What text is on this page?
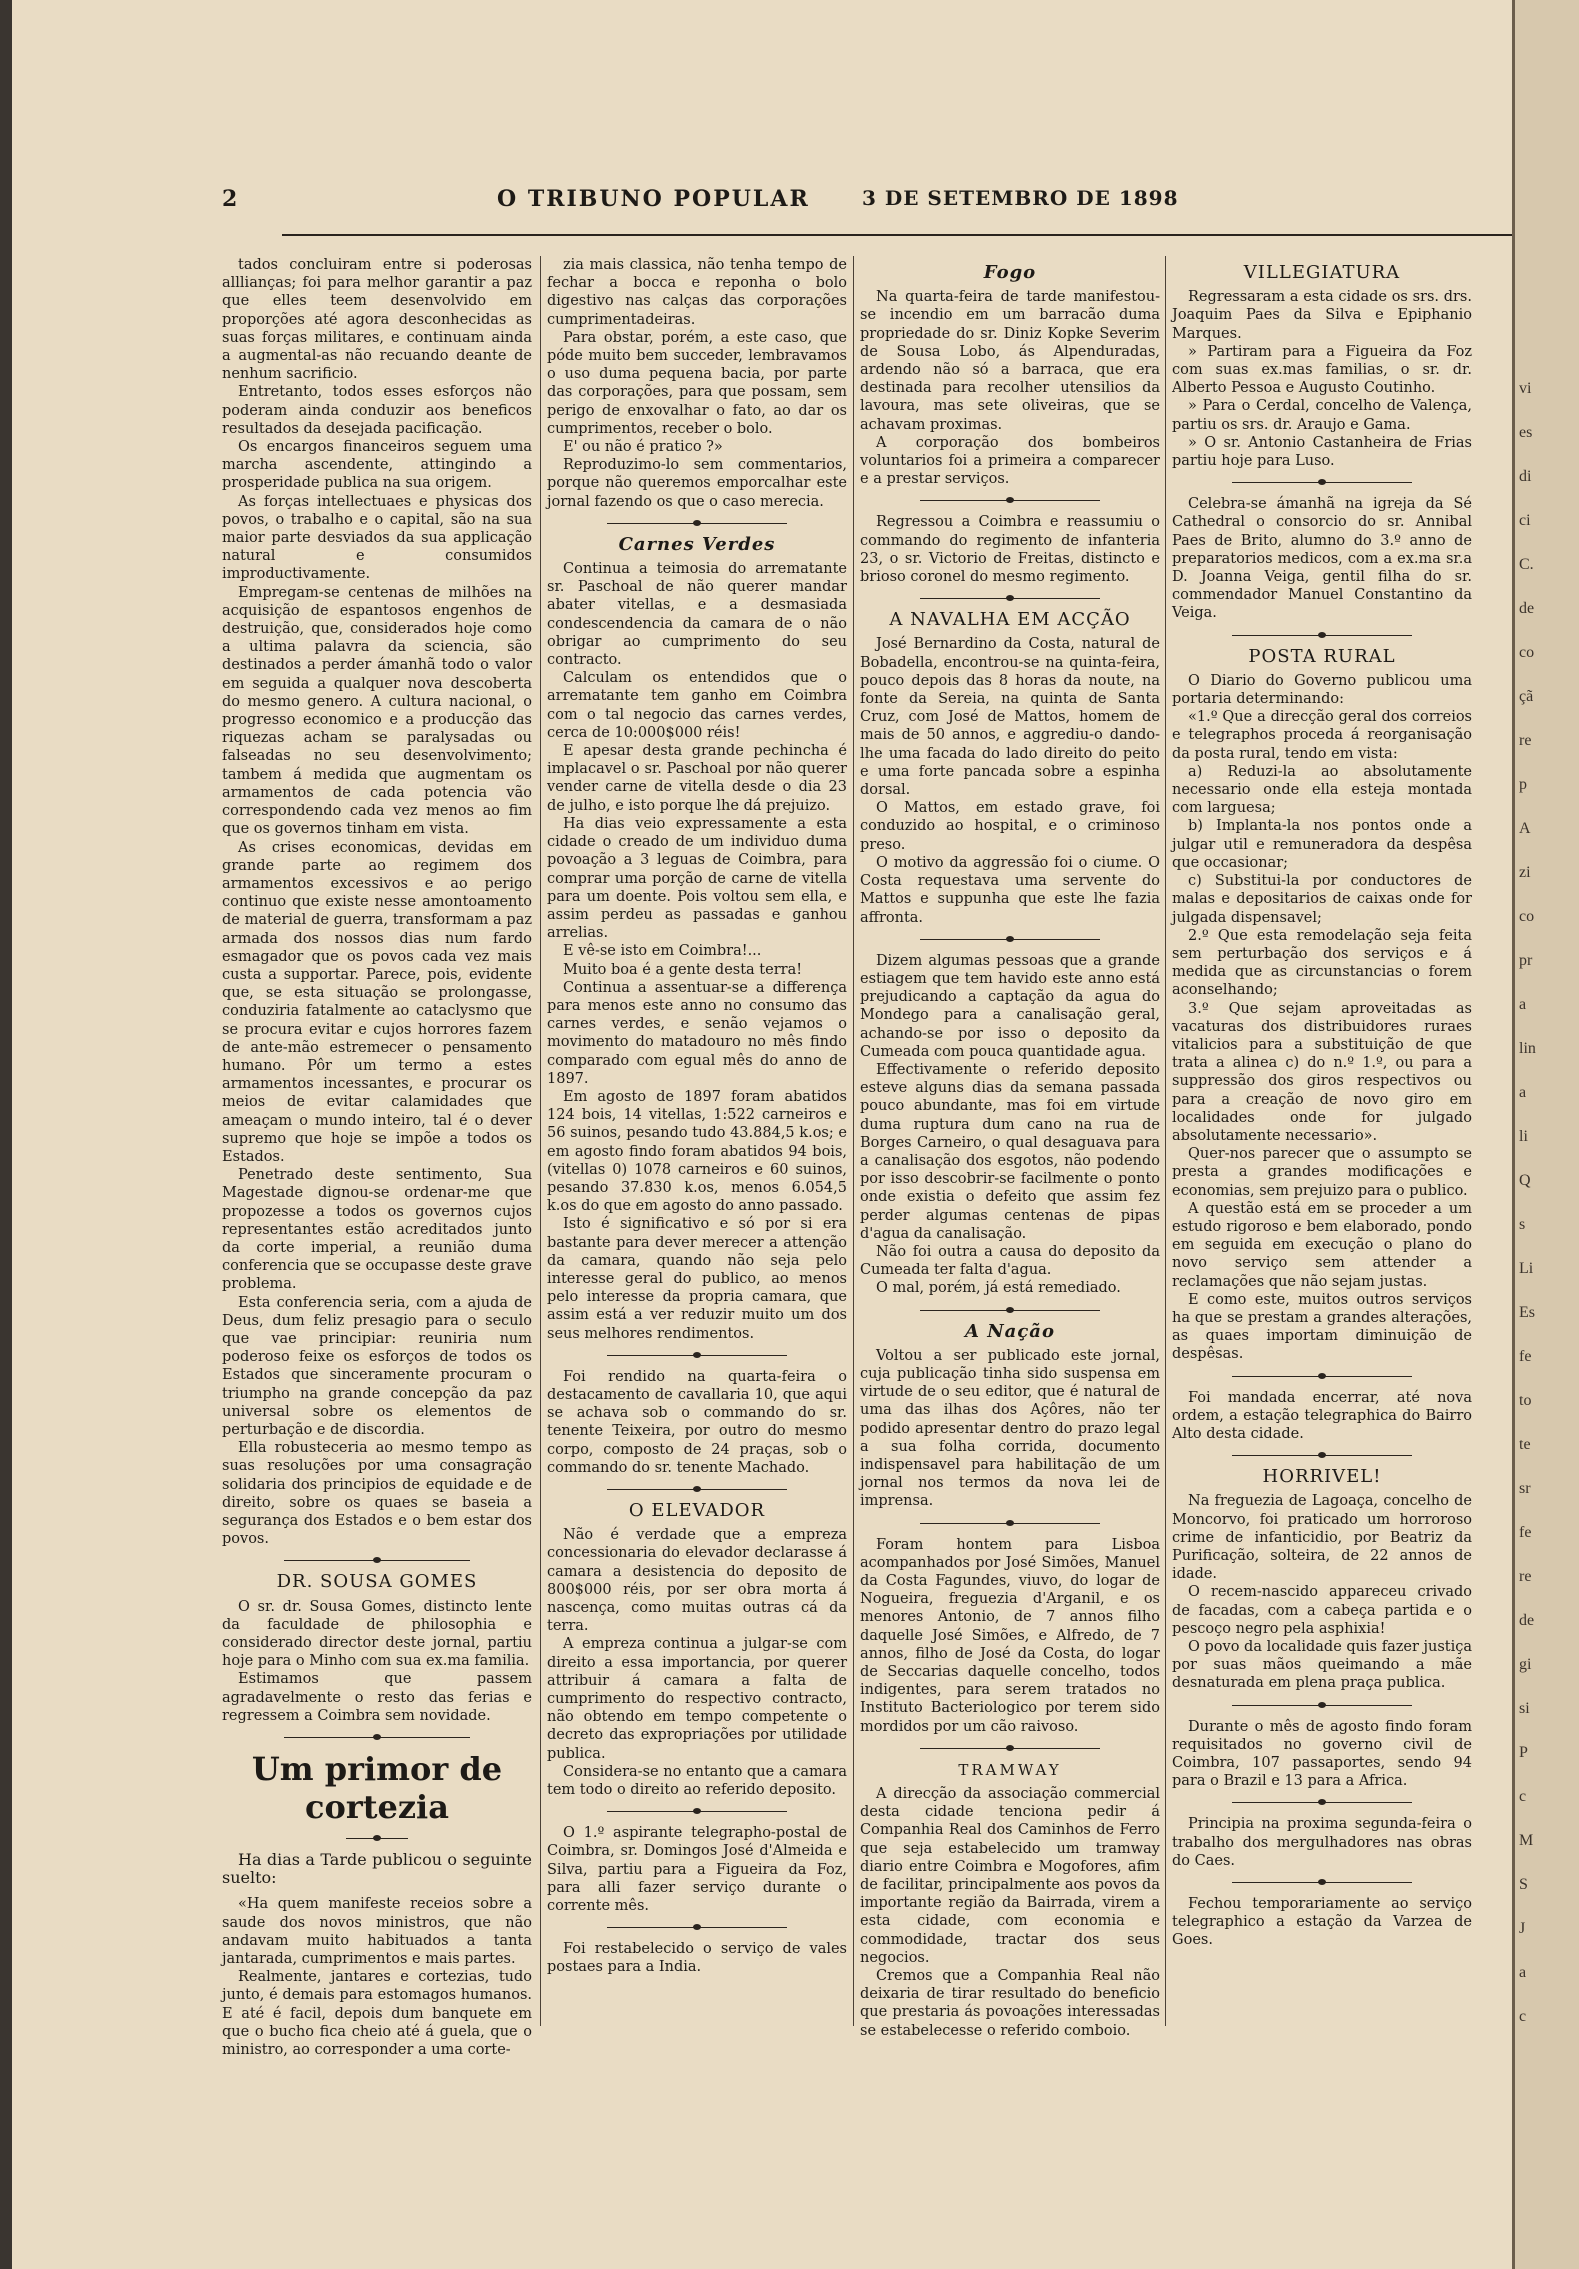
2	O TRIBUNO POPULAR	3 DE SETEMBRO DE 1898

tados concluiram entre si poderosas alllianças; foi para melhor garantir a paz que elles teem desenvolvido em proporções até agora desconhecidas as suas forças militares, e continuam ainda a augmental-as não recuando deante de nenhum sacrificio.

Entretanto, todos esses esforços não poderam ainda conduzir aos beneficos resultados da desejada pacificação.

Os encargos financeiros seguem uma marcha ascendente, attingindo a prosperidade publica na sua origem.

As forças intellectuaes e physicas dos povos, o trabalho e o capital, são na sua maior parte desviados da sua applicação natural e consumidos improductivamente.

Empregam-se centenas de milhões na acquisição de espantosos engenhos de destruição, que, considerados hoje como a ultima palavra da sciencia, são destinados a perder ámanhã todo o valor em seguida a qualquer nova descoberta do mesmo genero. A cultura nacional, o progresso economico e a producção das riquezas acham se paralysadas ou falseadas no seu desenvolvimento; tambem á medida que augmentam os armamentos de cada potencia vão correspondendo cada vez menos ao fim que os governos tinham em vista.

As crises economicas, devidas em grande parte ao regimem dos armamentos excessivos e ao perigo continuo que existe nesse amontoamento de material de guerra, transformam a paz armada dos nossos dias num fardo esmagador que os povos cada vez mais custa a supportar. Parece, pois, evidente que, se esta situação se prolongasse, conduziria fatalmente ao cataclysmo que se procura evitar e cujos horrores fazem de ante-mão estremecer o pensamento humano. Pôr um termo a estes armamentos incessantes, e procurar os meios de evitar calamidades que ameaçam o mundo inteiro, tal é o dever supremo que hoje se impõe a todos os Estados.

Penetrado deste sentimento, Sua Magestade dignou-se ordenar-me que propozesse a todos os governos cujos representantes estão acreditados junto da corte imperial, a reunião duma conferencia que se occupasse deste grave problema.

Esta conferencia seria, com a ajuda de Deus, dum feliz presagio para o seculo que vae principiar: reuniria num poderoso feixe os esforços de todos os Estados que sinceramente procuram o triumpho na grande concepção da paz universal sobre os elementos de perturbação e de discordia.

Ella robusteceria ao mesmo tempo as suas resoluções por uma consagração solidaria dos principios de equidade e de direito, sobre os quaes se baseia a segurança dos Estados e o bem estar dos povos.

DR. SOUSA GOMES

O sr. dr. Sousa Gomes, distincto lente da faculdade de philosophia e considerado director deste jornal, partiu hoje para o Minho com sua ex.ma familia.

Estimamos que passem agradavelmente o resto das ferias e regressem a Coimbra sem novidade.

Um primor de cortezia

Ha dias a Tarde publicou o seguinte suelto:

«Ha quem manifeste receios sobre a saude dos novos ministros, que não andavam muito habituados a tanta jantarada, cumprimentos e mais partes.

Realmente, jantares e cortezias, tudo junto, é demais para estomagos humanos. E até é facil, depois dum banquete em que o bucho fica cheio até á guela, que o ministro, ao corresponder a uma corte-

zia mais classica, não tenha tempo de fechar a bocca e reponha o bolo digestivo nas calças das corporações cumprimentadeiras.

Para obstar, porém, a este caso, que póde muito bem succeder, lembravamos o uso duma pequena bacia, por parte das corporações, para que possam, sem perigo de enxovalhar o fato, ao dar os cumprimentos, receber o bolo.

E' ou não é pratico ?»

Reproduzimo-lo sem commentarios, porque não queremos emporcalhar este jornal fazendo os que o caso merecia.

Carnes Verdes

Continua a teimosia do arrematante sr. Paschoal de não querer mandar abater vitellas, e a desmasiada condescendencia da camara de o não obrigar ao cumprimento do seu contracto.

Calculam os entendidos que o arrematante tem ganho em Coimbra com o tal negocio das carnes verdes, cerca de 10:000$000 réis!

E apesar desta grande pechincha é implacavel o sr. Paschoal por não querer vender carne de vitella desde o dia 23 de julho, e isto porque lhe dá prejuizo.

Ha dias veio expressamente a esta cidade o creado de um individuo duma povoação a 3 leguas de Coimbra, para comprar uma porção de carne de vitella para um doente. Pois voltou sem ella, e assim perdeu as passadas e ganhou arrelias.

E vê-se isto em Coimbra!...

Muito boa é a gente desta terra!

Continua a assentuar-se a differença para menos este anno no consumo das carnes verdes, e senão vejamos o movimento do matadouro no mês findo comparado com egual mês do anno de 1897.

Em agosto de 1897 foram abatidos 124 bois, 14 vitellas, 1:522 carneiros e 56 suinos, pesando tudo 43.884,5 k.os; e em agosto findo foram abatidos 94 bois, (vitellas 0) 1078 carneiros e 60 suinos, pesando 37.830 k.os, menos 6.054,5 k.os do que em agosto do anno passado.

Isto é significativo e só por si era bastante para dever merecer a attenção da camara, quando não seja pelo interesse geral do publico, ao menos pelo interesse da propria camara, que assim está a ver reduzir muito um dos seus melhores rendimentos.

Foi rendido na quarta-feira o destacamento de cavallaria 10, que aqui se achava sob o commando do sr. tenente Teixeira, por outro do mesmo corpo, composto de 24 praças, sob o commando do sr. tenente Machado.

O ELEVADOR

Não é verdade que a empreza concessionaria do elevador declarasse á camara a desistencia do deposito de 800$000 réis, por ser obra morta á nascença, como muitas outras cá da terra.

A empreza continua a julgar-se com direito a essa importancia, por querer attribuir á camara a falta de cumprimento do respectivo contracto, não obtendo em tempo competente o decreto das expropriações por utilidade publica.

Considera-se no entanto que a camara tem todo o direito ao referido deposito.

O 1.º aspirante telegrapho-postal de Coimbra, sr. Domingos José d'Almeida e Silva, partiu para a Figueira da Foz, para alli fazer serviço durante o corrente mês.

Foi restabelecido o serviço de vales postaes para a India.

Fogo

Na quarta-feira de tarde manifestou-se incendio em um barracão duma propriedade do sr. Diniz Kopke Severim de Sousa Lobo, ás Alpenduradas, ardendo não só a barraca, que era destinada para recolher utensilios da lavoura, mas sete oliveiras, que se achavam proximas.

A corporação dos bombeiros voluntarios foi a primeira a comparecer e a prestar serviços.

Regressou a Coimbra e reassumiu o commando do regimento de infanteria 23, o sr. Victorio de Freitas, distincto e brioso coronel do mesmo regimento.

A NAVALHA EM ACÇÃO

José Bernardino da Costa, natural de Bobadella, encontrou-se na quinta-feira, pouco depois das 8 horas da noute, na fonte da Sereia, na quinta de Santa Cruz, com José de Mattos, homem de mais de 50 annos, e aggrediu-o dando-lhe uma facada do lado direito do peito e uma forte pancada sobre a espinha dorsal.

O Mattos, em estado grave, foi conduzido ao hospital, e o criminoso preso.

O motivo da aggressão foi o ciume. O Costa requestava uma servente do Mattos e suppunha que este lhe fazia affronta.

Dizem algumas pessoas que a grande estiagem que tem havido este anno está prejudicando a captação da agua do Mondego para a canalisação geral, achando-se por isso o deposito da Cumeada com pouca quantidade agua.

Effectivamente o referido deposito esteve alguns dias da semana passada pouco abundante, mas foi em virtude duma ruptura dum cano na rua de Borges Carneiro, o qual desaguava para a canalisação dos esgotos, não podendo por isso descobrir-se facilmente o ponto onde existia o defeito que assim fez perder algumas centenas de pipas d'agua da canalisação.

Não foi outra a causa do deposito da Cumeada ter falta d'agua.

O mal, porém, já está remediado.

A Nação

Voltou a ser publicado este jornal, cuja publicação tinha sido suspensa em virtude de o seu editor, que é natural de uma das ilhas dos Açôres, não ter podido apresentar dentro do prazo legal a sua folha corrida, documento indispensavel para habilitação de um jornal nos termos da nova lei de imprensa.

Foram hontem para Lisboa acompanhados por José Simões, Manuel da Costa Fagundes, viuvo, do logar de Nogueira, freguezia d'Arganil, e os menores Antonio, de 7 annos filho daquelle José Simões, e Alfredo, de 7 annos, filho de José da Costa, do logar de Seccarias daquelle concelho, todos indigentes, para serem tratados no Instituto Bacteriologico por terem sido mordidos por um cão raivoso.

TRAMWAY

A direcção da associação commercial desta cidade tenciona pedir á Companhia Real dos Caminhos de Ferro que seja estabelecido um tramway diario entre Coimbra e Mogofores, afim de facilitar, principalmente aos povos da importante região da Bairrada, virem a esta cidade, com economia e commodidade, tractar dos seus negocios.

Cremos que a Companhia Real não deixaria de tirar resultado do beneficio que prestaria ás povoações interessadas se estabelecesse o referido comboio.

VILLEGIATURA

Regressaram a esta cidade os srs. drs. Joaquim Paes da Silva e Epiphanio Marques.

» Partiram para a Figueira da Foz com suas ex.mas familias, o sr. dr. Alberto Pessoa e Augusto Coutinho.

» Para o Cerdal, concelho de Valença, partiu os srs. dr. Araujo e Gama.

» O sr. Antonio Castanheira de Frias partiu hoje para Luso.

Celebra-se ámanhã na igreja da Sé Cathedral o consorcio do sr. Annibal Paes de Brito, alumno do 3.º anno de preparatorios medicos, com a ex.ma sr.a D. Joanna Veiga, gentil filha do sr. commendador Manuel Constantino da Veiga.

POSTA RURAL

O Diario do Governo publicou uma portaria determinando:

«1.º Que a direcção geral dos correios e telegraphos proceda á reorganisação da posta rural, tendo em vista:

a) Reduzi-la ao absolutamente necessario onde ella esteja montada com larguesa;

b) Implanta-la nos pontos onde a julgar util e remuneradora da despêsa que occasionar;

c) Substitui-la por conductores de malas e depositarios de caixas onde for julgada dispensavel;

2.º Que esta remodelação seja feita sem perturbação dos serviços e á medida que as circunstancias o forem aconselhando;

3.º Que sejam aproveitadas as vacaturas dos distribuidores ruraes vitalicios para a substituição de que trata a alinea c) do n.º 1.º, ou para a suppressão dos giros respectivos ou para a creação de novo giro em localidades onde for julgado absolutamente necessario».

Quer-nos parecer que o assumpto se presta a grandes modificações e economias, sem prejuizo para o publico.

A questão está em se proceder a um estudo rigoroso e bem elaborado, pondo em seguida em execução o plano do novo serviço sem attender a reclamações que não sejam justas.

E como este, muitos outros serviços ha que se prestam a grandes alterações, as quaes importam diminuição de despêsas.

Foi mandada encerrar, até nova ordem, a estação telegraphica do Bairro Alto desta cidade.

HORRIVEL!

Na freguezia de Lagoaça, concelho de Moncorvo, foi praticado um horroroso crime de infanticidio, por Beatriz da Purificação, solteira, de 22 annos de idade.

O recem-nascido appareceu crivado de facadas, com a cabeça partida e o pescoço negro pela asphixia!

O povo da localidade quis fazer justiça por suas mãos queimando a mãe desnaturada em plena praça publica.

Durante o mês de agosto findo foram requisitados no governo civil de Coimbra, 107 passaportes, sendo 94 para o Brazil e 13 para a Africa.

Principia na proxima segunda-feira o trabalho dos mergulhadores nas obras do Caes.

Fechou temporariamente ao serviço telegraphico a estação da Varzea de Goes.

vi
es
di
ci
C.
de
co
çã
re
p
A
zi
co
pr
a
lin
a
li
Q
s
Li
Es
fe
to
te
sr
fe
re
de
gi
si
P
c
M
S
J
a
c
